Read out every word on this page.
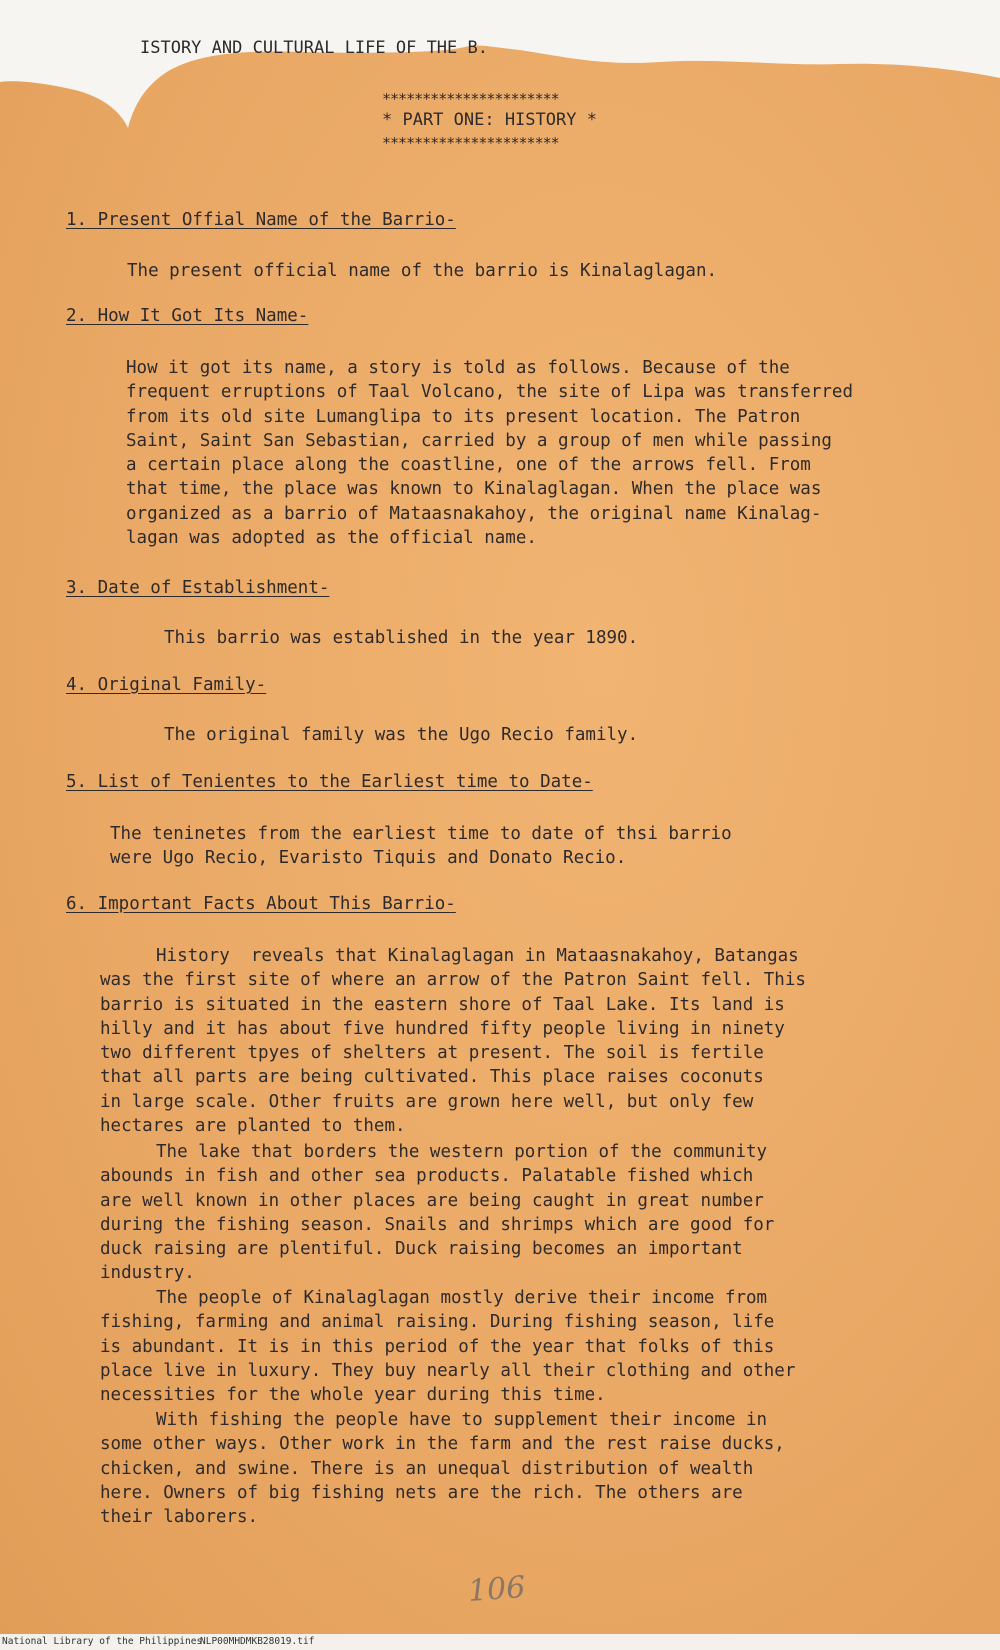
ISTORY AND CULTURAL LIFE OF THE B.
**********************
* PART ONE: HISTORY *
**********************
1. Present Offial Name of the Barrio-
The present official name of the barrio is Kinalaglagan.
2. How It Got Its Name-
How it got its name, a story is told as follows. Because of the
frequent erruptions of Taal Volcano, the site of Lipa was transferred
from its old site Lumanglipa to its present location. The Patron
Saint, Saint San Sebastian, carried by a group of men while passing
a certain place along the coastline, one of the arrows fell. From
that time, the place was known to Kinalaglagan. When the place was
organized as a barrio of Mataasnakahoy, the original name Kinalag-
lagan was adopted as the official name.
3. Date of Establishment-
This barrio was established in the year 1890.
4. Original Family-
The original family was the Ugo Recio family.
5. List of Tenientes to the Earliest time to Date-
The teninetes from the earliest time to date of thsi barrio
were Ugo Recio, Evaristo Tiquis and Donato Recio.
6. Important Facts About This Barrio-
History  reveals that Kinalaglagan in Mataasnakahoy, Batangas
was the first site of where an arrow of the Patron Saint fell. This
barrio is situated in the eastern shore of Taal Lake. Its land is
hilly and it has about five hundred fifty people living in ninety
two different tpyes of shelters at present. The soil is fertile
that all parts are being cultivated. This place raises coconuts
in large scale. Other fruits are grown here well, but only few
hectares are planted to them.
The lake that borders the western portion of the community
abounds in fish and other sea products. Palatable fished which
are well known in other places are being caught in great number
during the fishing season. Snails and shrimps which are good for
duck raising are plentiful. Duck raising becomes an important
industry.
The people of Kinalaglagan mostly derive their income from
fishing, farming and animal raising. During fishing season, life
is abundant. It is in this period of the year that folks of this
place live in luxury. They buy nearly all their clothing and other
necessities for the whole year during this time.
With fishing the people have to supplement their income in
some other ways. Other work in the farm and the rest raise ducks,
chicken, and swine. There is an unequal distribution of wealth
here. Owners of big fishing nets are the rich. The others are
their laborers.
106
National Library of the Philippines
NLP00MHDMKB28019.tif
